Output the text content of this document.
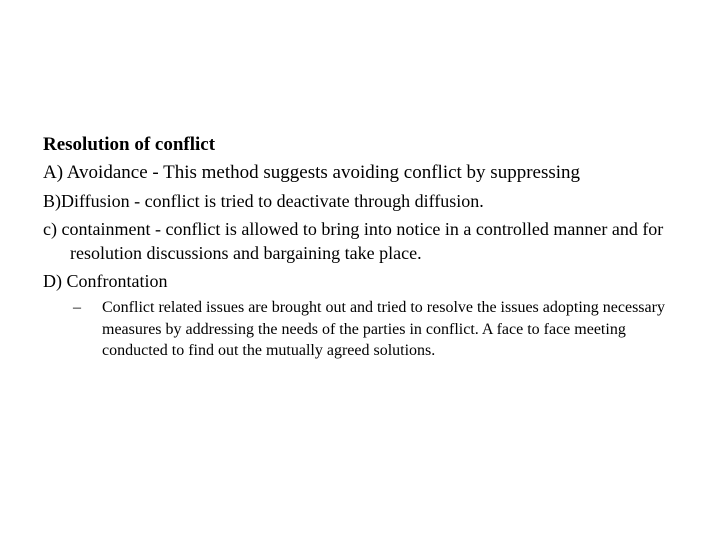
Resolution of conflict
A) Avoidance - This method suggests avoiding conflict by suppressing
B)Diffusion - conflict is tried to deactivate through diffusion.
c) containment - conflict is allowed to bring into notice in a controlled manner and for resolution discussions and bargaining take place.
D) Confrontation
– Conflict related issues are brought out and tried to resolve the issues adopting necessary measures by addressing the needs of the parties in conflict. A face to face meeting conducted to find out the mutually agreed solutions.
